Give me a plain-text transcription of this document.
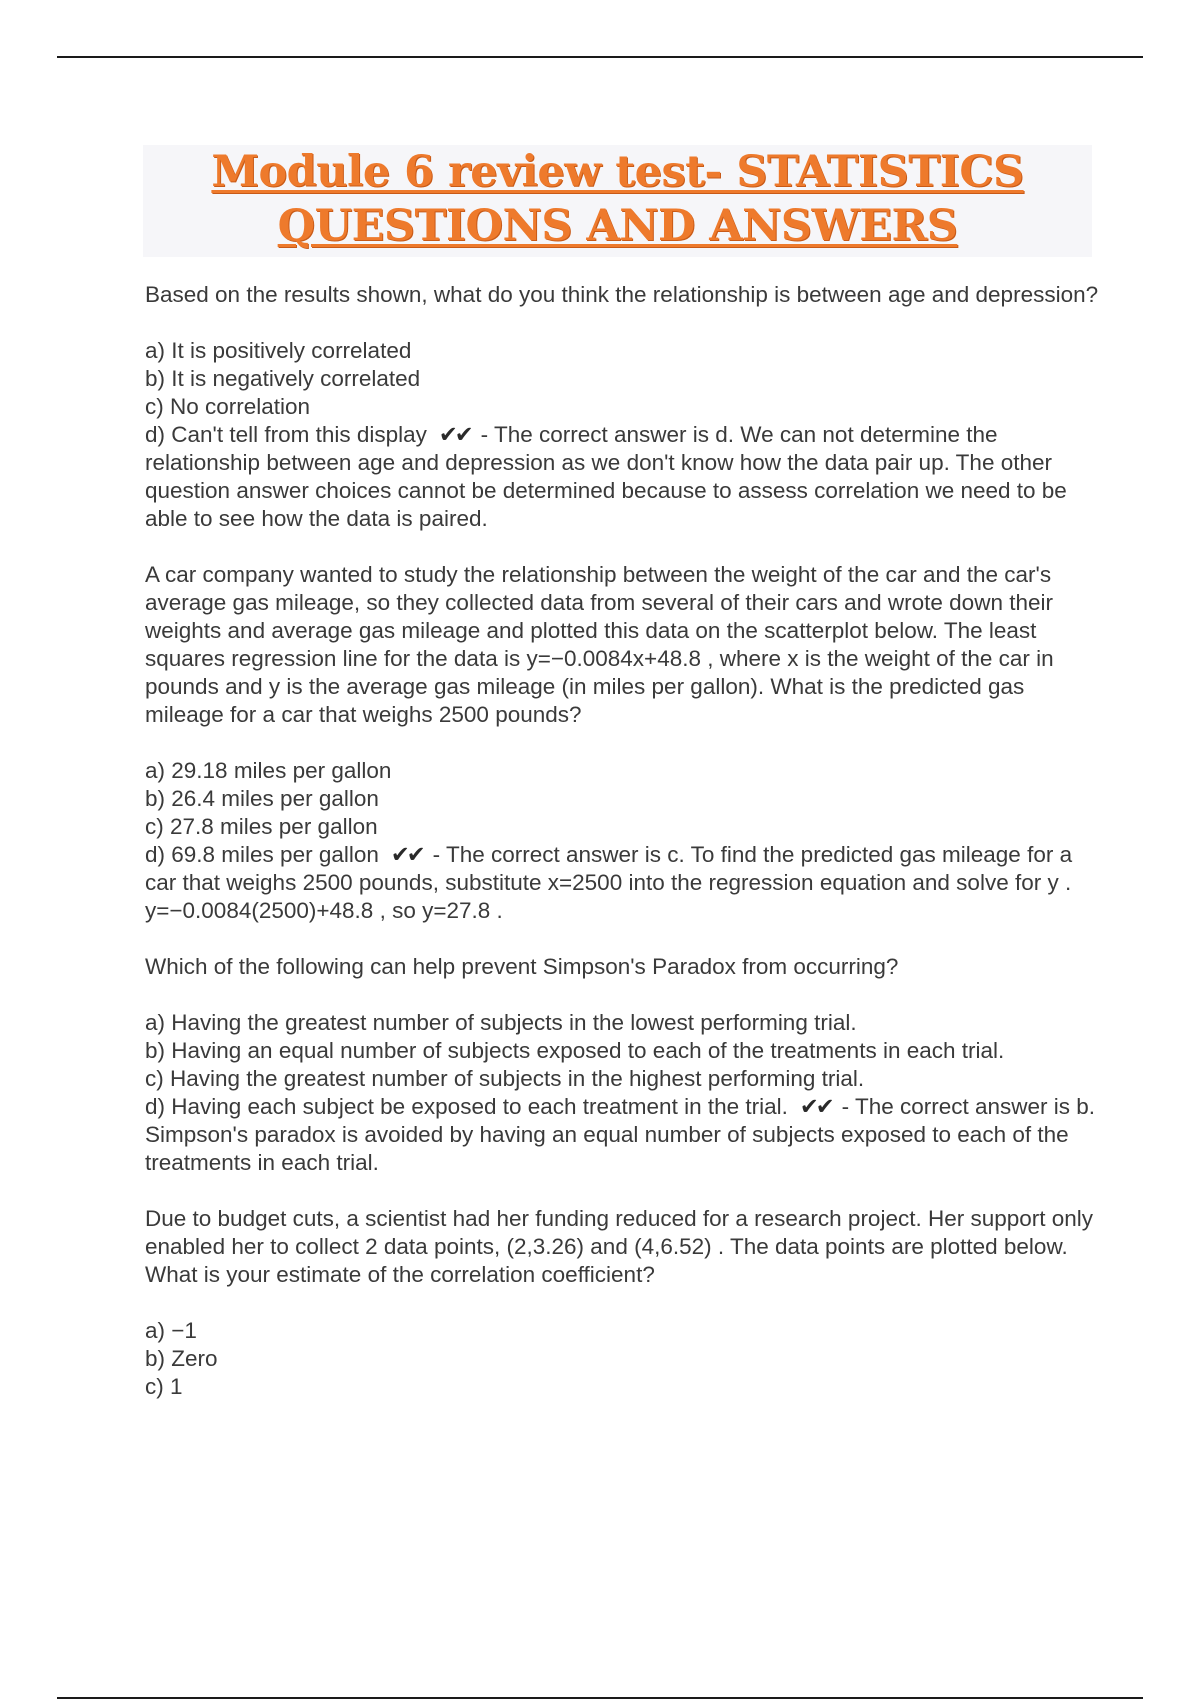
Module 6 review test- STATISTICS
QUESTIONS AND ANSWERS

Based on the results shown, what do you think the relationship is between age and depression?

a) It is positively correlated

b) It is negatively correlated

c) No correlation

d) Can't tell from this display ✔✔ - The correct answer is d. We can not determine the relationship between age and depression as we don't know how the data pair up. The other question answer choices cannot be determined because to assess correlation we need to be able to see how the data is paired.

A car company wanted to study the relationship between the weight of the car and the car's average gas mileage, so they collected data from several of their cars and wrote down their weights and average gas mileage and plotted this data on the scatterplot below. The least squares regression line for the data is y=−0.0084x+48.8 , where x is the weight of the car in pounds and y is the average gas mileage (in miles per gallon). What is the predicted gas mileage for a car that weighs 2500 pounds?

a) 29.18 miles per gallon

b) 26.4 miles per gallon

c) 27.8 miles per gallon

d) 69.8 miles per gallon ✔✔ - The correct answer is c. To find the predicted gas mileage for a car that weighs 2500 pounds, substitute x=2500 into the regression equation and solve for y . y=−0.0084(2500)+48.8 , so y=27.8 .

Which of the following can help prevent Simpson's Paradox from occurring?

a) Having the greatest number of subjects in the lowest performing trial.

b) Having an equal number of subjects exposed to each of the treatments in each trial.

c) Having the greatest number of subjects in the highest performing trial.

d) Having each subject be exposed to each treatment in the trial. ✔✔ - The correct answer is b. Simpson's paradox is avoided by having an equal number of subjects exposed to each of the treatments in each trial.

Due to budget cuts, a scientist had her funding reduced for a research project. Her support only enabled her to collect 2 data points, (2,3.26) and (4,6.52) . The data points are plotted below. What is your estimate of the correlation coefficient?

a) −1

b) Zero

c) 1
